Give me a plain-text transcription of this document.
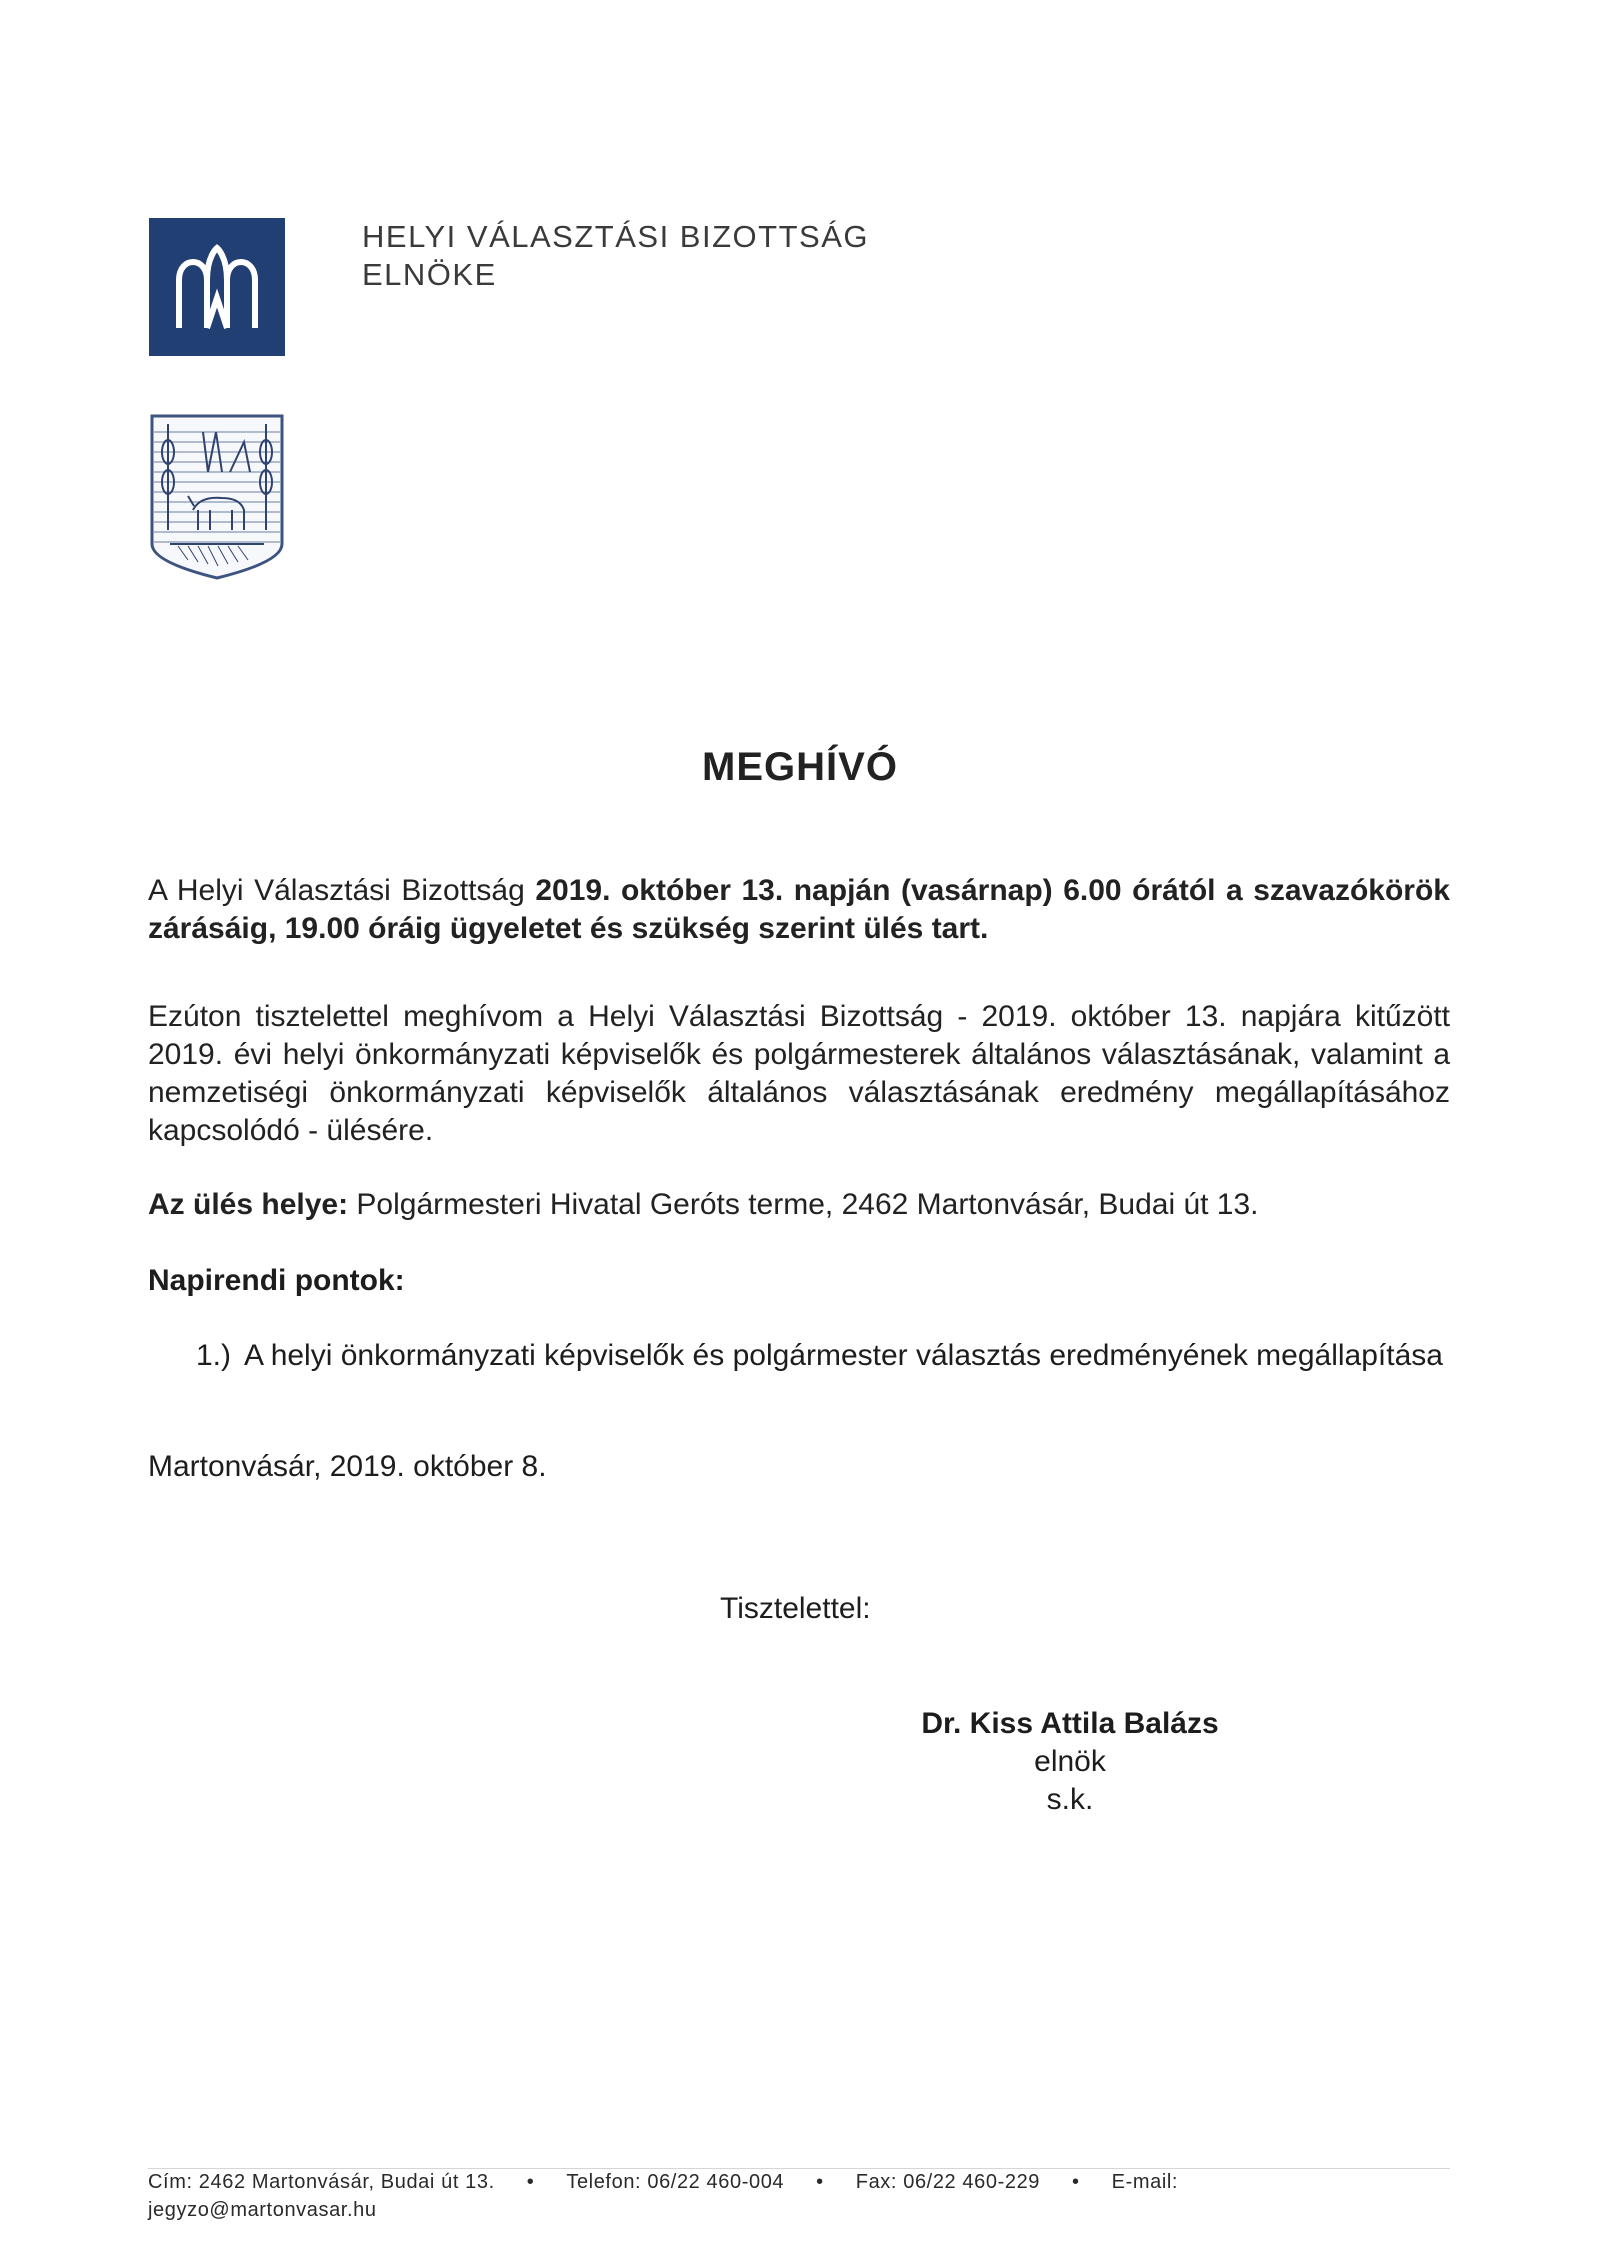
HELYI VÁLASZTÁSI BIZOTTSÁG
ELNÖKE
MEGHÍVÓ
A Helyi Választási Bizottság 2019. október 13. napján (vasárnap) 6.00 órától a szavazókörök zárásáig, 19.00 óráig ügyeletet és szükség szerint ülés tart.
Ezúton tisztelettel meghívom a Helyi Választási Bizottság - 2019. október 13. napjára kitűzött 2019. évi helyi önkormányzati képviselők és polgármesterek általános választásának, valamint a nemzetiségi önkormányzati képviselők általános választásának eredmény megállapításához kapcsolódó - ülésére.
Az ülés helye: Polgármesteri Hivatal Geróts terme, 2462 Martonvásár, Budai út 13.
Napirendi pontok:
1.) A helyi önkormányzati képviselők és polgármester választás eredményének megállapítása
Martonvásár, 2019. október 8.
Tisztelettel:
Dr. Kiss Attila Balázs
elnök
s.k.
Cím: 2462 Martonvásár, Budai út 13. • Telefon: 06/22 460-004 • Fax: 06/22 460-229 • E-mail:
jegyzo@martonvasar.hu
